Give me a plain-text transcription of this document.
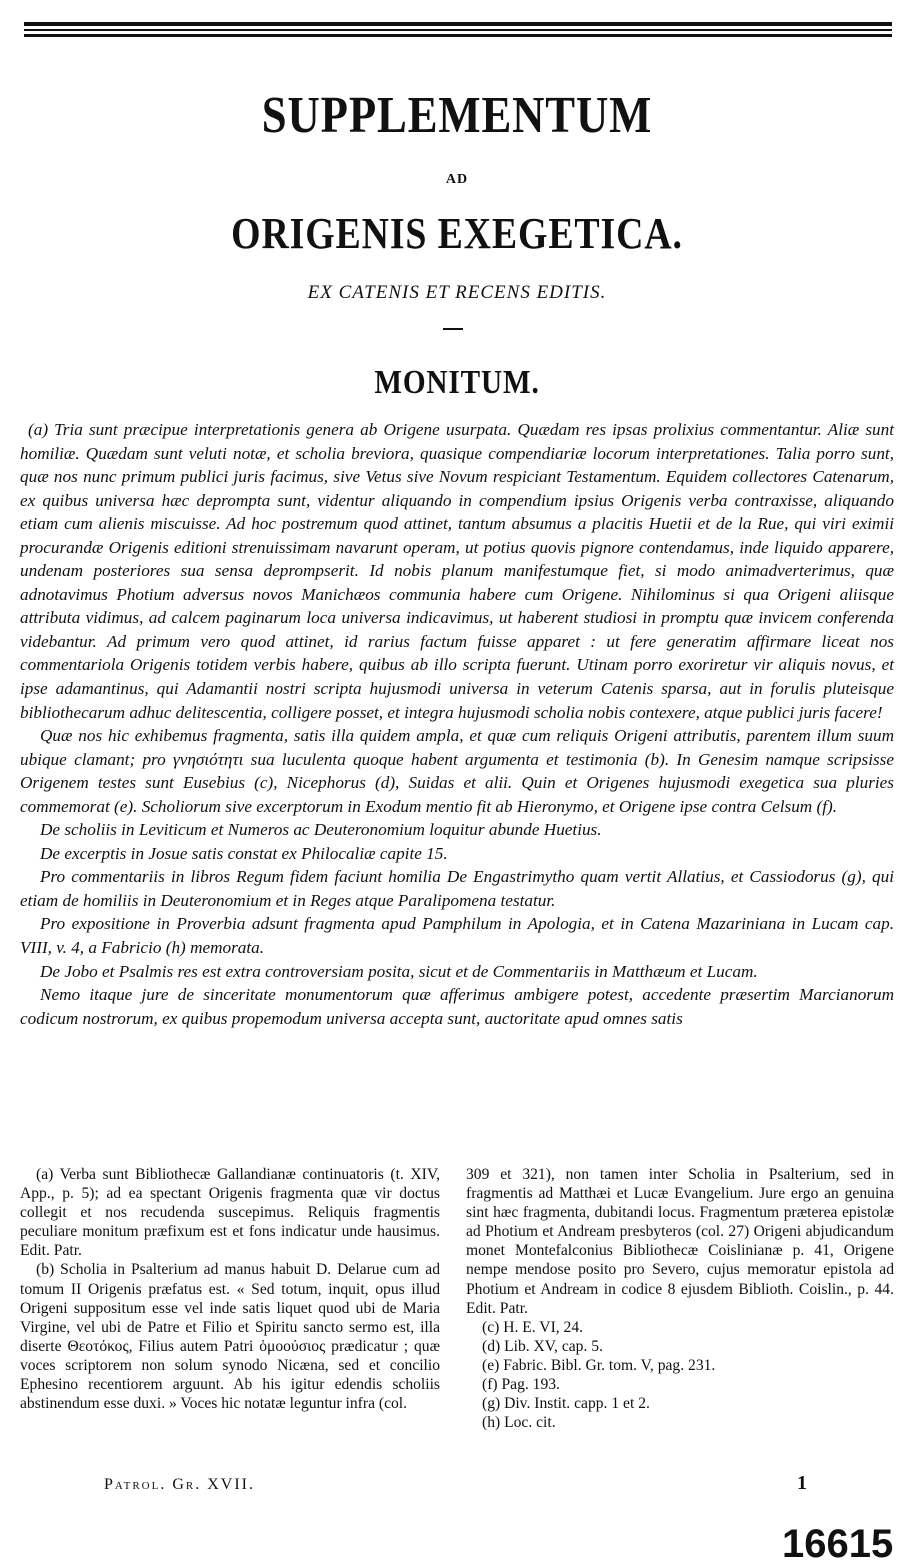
SUPPLEMENTUM
AD
ORIGENIS EXEGETICA.
EX CATENIS ET RECENS EDITIS.
MONITUM.

(a) Tria sunt præcipue interpretationis genera ab Origene usurpata. Quædam res ipsas prolixius commentantur. Aliæ sunt homiliæ. Quædam sunt veluti notæ, et scholia breviora, quasique compendiariæ locorum interpretationes. Talia porro sunt, quæ nos nunc primum publici juris facimus, sive Vetus sive Novum respiciant Testamentum. Equidem collectores Catenarum, ex quibus universa hæc deprompta sunt, videntur aliquando in compendium ipsius Origenis verba contraxisse, aliquando etiam cum alienis miscuisse. Ad hoc postremum quod attinet, tantum absumus a placitis Huetii et de la Rue, qui viri eximii procurandæ Origenis editioni strenuissimam navarunt operam, ut potius quovis pignore contendamus, inde liquido apparere, undenam posteriores sua sensa deprompserit. Id nobis planum manifestumque fiet, si modo animadverterimus, quæ adnotavimus Photium adversus novos Manichæos communia habere cum Origene. Nihilominus si qua Origeni aliisque attributa vidimus, ad calcem paginarum loca universa indicavimus, ut haberent studiosi in promptu quæ invicem conferenda videbantur. Ad primum vero quod attinet, id rarius factum fuisse apparet : ut fere generatim affirmare liceat nos commentariola Origenis totidem verbis habere, quibus ab illo scripta fuerunt. Utinam porro exoriretur vir aliquis novus, et ipse adamantinus, qui Adamantii nostri scripta hujusmodi universa in veterum Catenis sparsa, aut in forulis pluteisque bibliothecarum adhuc delitescentia, colligere posset, et integra hujusmodi scholia nobis contexere, atque publici juris facere!

Quæ nos hic exhibemus fragmenta, satis illa quidem ampla, et quæ cum reliquis Origeni attributis, parentem illum suum ubique clamant; pro γνησιότητι sua luculenta quoque habent argumenta et testimonia (b). In Genesim namque scripsisse Origenem testes sunt Eusebius (c), Nicephorus (d), Suidas et alii. Quin et Origenes hujusmodi exegetica sua pluries commemorat (e). Scholiorum sive excerptorum in Exodum mentio fit ab Hieronymo, et Origene ipse contra Celsum (f).

De scholiis in Leviticum et Numeros ac Deuteronomium loquitur abunde Huetius.

De excerptis in Josue satis constat ex Philocaliæ capite 15.

Pro commentariis in libros Regum fidem faciunt homilia De Engastrimytho quam vertit Allatius, et Cassiodorus (g), qui etiam de homiliis in Deuteronomium et in Reges atque Paralipomena testatur.

Pro expositione in Proverbia adsunt fragmenta apud Pamphilum in Apologia, et in Catena Mazariniana in Lucam cap. VIII, v. 4, a Fabricio (h) memorata.

De Jobo et Psalmis res est extra controversiam posita, sicut et de Commentariis in Matthæum et Lucam.

Nemo itaque jure de sinceritate monumentorum quæ afferimus ambigere potest, accedente præsertim Marcianorum codicum nostrorum, ex quibus propemodum universa accepta sunt, auctoritate apud omnes satis

(a) Verba sunt Bibliothecæ Gallandianæ continuatoris (t. XIV, App., p. 5); ad ea spectant Origenis fragmenta quæ vir doctus collegit et nos recudenda suscepimus. Reliquis fragmentis peculiare monitum præfixum est et fons indicatur unde hausimus. Edit. Patr.

(b) Scholia in Psalterium ad manus habuit D. Delarue cum ad tomum II Origenis præfatus est. « Sed totum, inquit, opus illud Origeni suppositum esse vel inde satis liquet quod ubi de Maria Virgine, vel ubi de Patre et Filio et Spiritu sancto sermo est, illa diserte Θεοτόκος, Filius autem Patri ὁμοούσιος prædicatur ; quæ voces scriptorem non solum synodo Nicæna, sed et concilio Ephesino recentiorem arguunt. Ab his igitur edendis scholiis abstinendum esse duxi. » Voces hic notatæ leguntur infra (col.

309 et 321), non tamen inter Scholia in Psalterium, sed in fragmentis ad Matthæi et Lucæ Evangelium. Jure ergo an genuina sint hæc fragmenta, dubitandi locus. Fragmentum præterea epistolæ ad Photium et Andream presbyteros (col. 27) Origeni abjudicandum monet Montefalconius Bibliothecæ Coislinianæ p. 41, Origene nempe mendose posito pro Severo, cujus memoratur epistola ad Photium et Andream in codice 8 ejusdem Biblioth. Coislin., p. 44. Edit. Patr.

(c) H. E. VI, 24.

(d) Lib. XV, cap. 5.

(e) Fabric. Bibl. Gr. tom. V, pag. 231.

(f) Pag. 193.

(g) Div. Instit. capp. 1 et 2.

(h) Loc. cit.

Patrol. Gr. XVII.	1
16615
